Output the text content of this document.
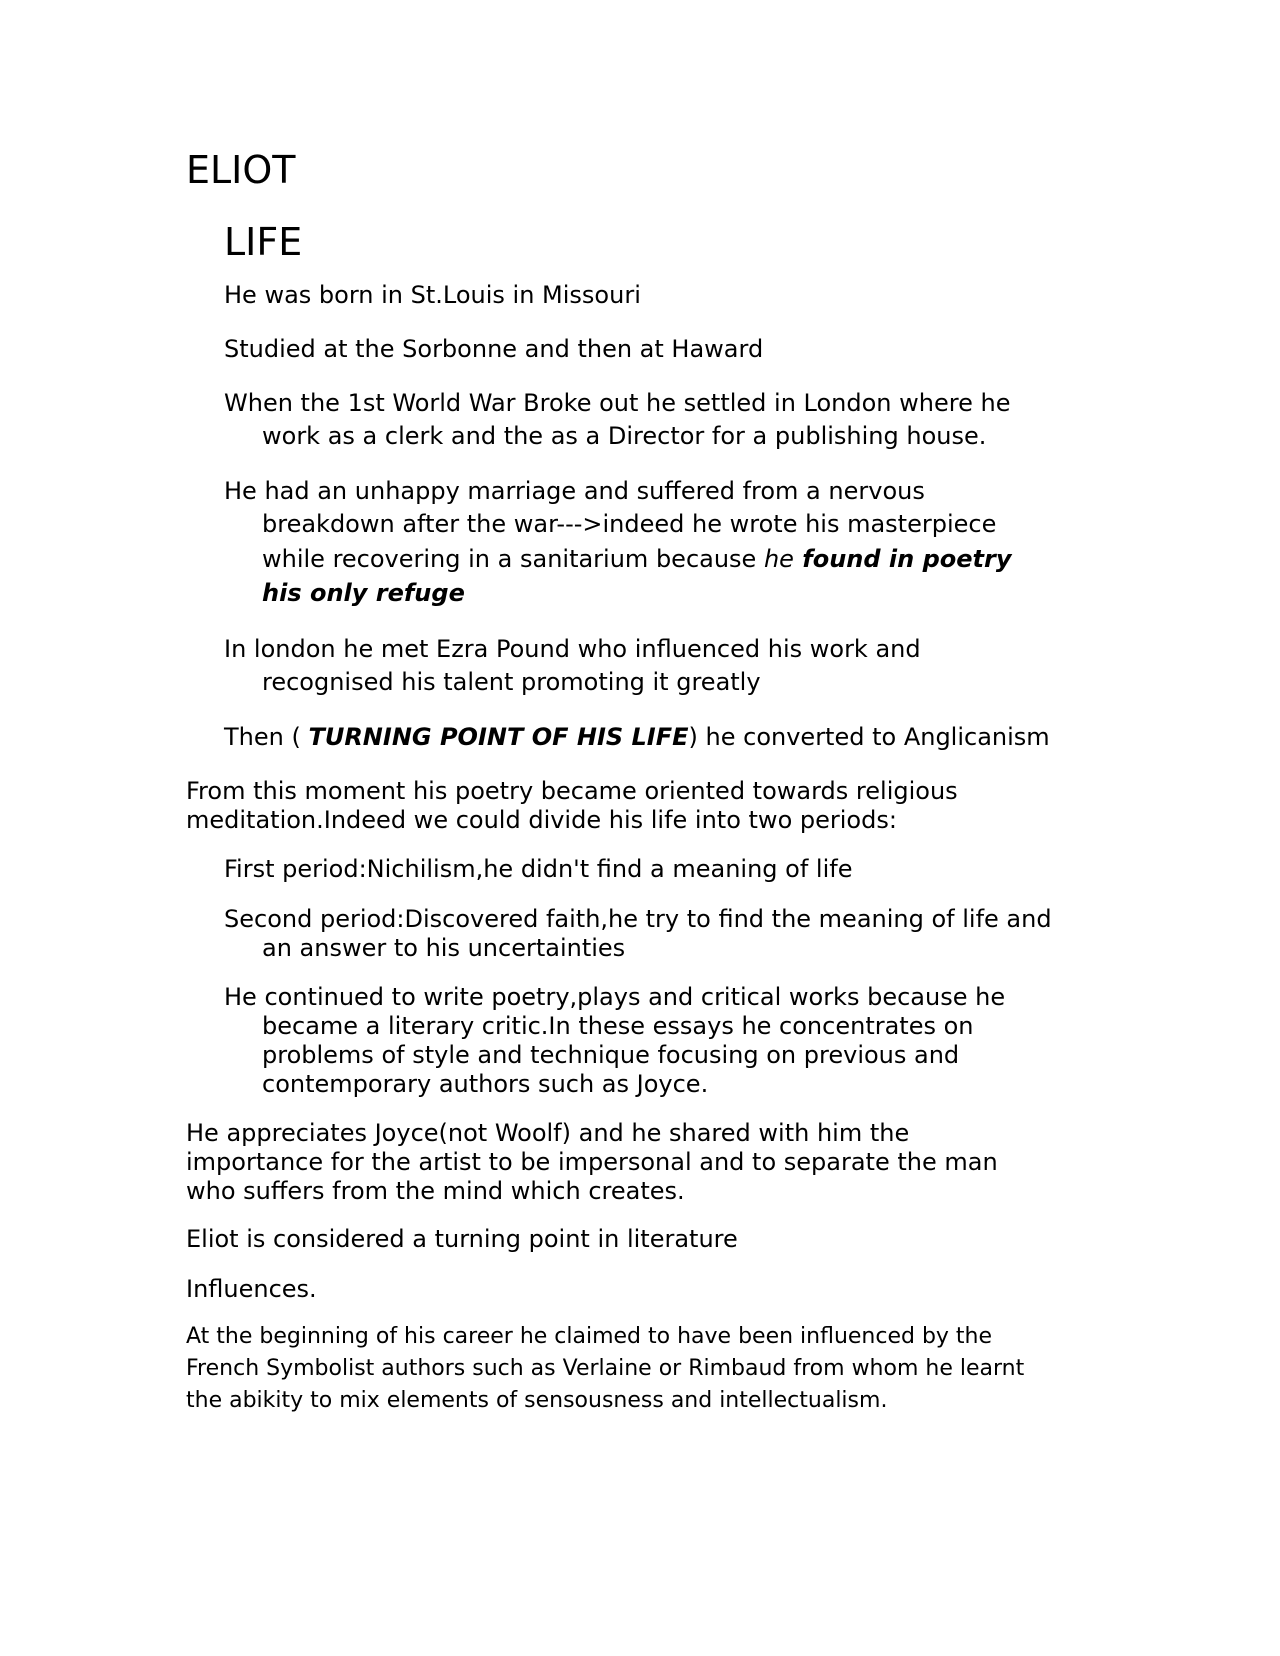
ELIOT
LIFE

He was born in St.Louis in Missouri

Studied at the Sorbonne and then at Haward

When the 1st World War Broke out he settled in London where he
work as a clerk and the as a Director for a publishing house.

He had an unhappy marriage and suffered from a nervous
breakdown after the war--->indeed he wrote his masterpiece
while recovering in a sanitarium because he found in poetry
his only refuge

In london he met Ezra Pound who influenced his work and
recognised his talent promoting it greatly

Then ( TURNING POINT OF HIS LIFE) he converted to Anglicanism

From this moment his poetry became oriented towards religious
meditation.Indeed we could divide his life into two periods:

First period:Nichilism,he didn't find a meaning of life

Second period:Discovered faith,he try to find the meaning of life and
an answer to his uncertainties

He continued to write poetry,plays and critical works because he
became a literary critic.In these essays he concentrates on
problems of style and technique focusing on previous and
contemporary authors such as Joyce.

He appreciates Joyce(not Woolf) and he shared with him the
importance for the artist to be impersonal and to separate the man
who suffers from the mind which creates.

Eliot is considered a turning point in literature

Influences.

At the beginning of his career he claimed to have been influenced by the
French Symbolist authors such as Verlaine or Rimbaud from whom he learnt
the abikity to mix elements of sensousness and intellectualism.
